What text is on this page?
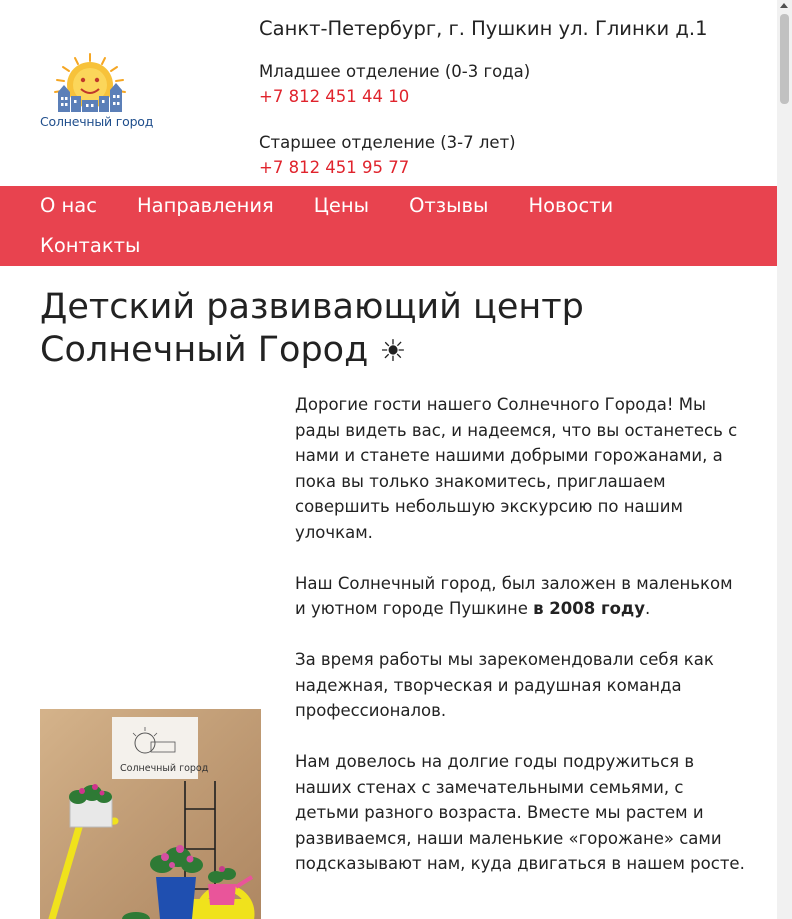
Солнечный город
Санкт-Петербург, г. Пушкин ул. Глинки д.1
Младшее отделение (0-3 года)
+7 812 451 44 10
Старшее отделение (3-7 лет)
+7 812 451 95 77
О нас Направления Цены Отзывы Новости
Контакты
Детский развивающий центр Солнечный Город ☀
Солнечный город

Дорогие гости нашего Солнечного Города! Мы рады видеть вас, и надеемся, что вы останетесь с нами и станете нашими добрыми горожанами, а пока вы только знакомитесь, приглашаем совершить небольшую экскурсию по нашим улочкам.

Наш Солнечный город, был заложен в маленьком и уютном городе Пушкине в 2008 году.

За время работы мы зарекомендовали себя как надежная, творческая и радушная команда профессионалов.

Нам довелось на долгие годы подружиться в наших стенах с замечательными семьями, с детьми разного возраста. Вместе мы растем и развиваемся, наши маленькие «горожане» сами подсказывают нам, куда двигаться в нашем росте.
